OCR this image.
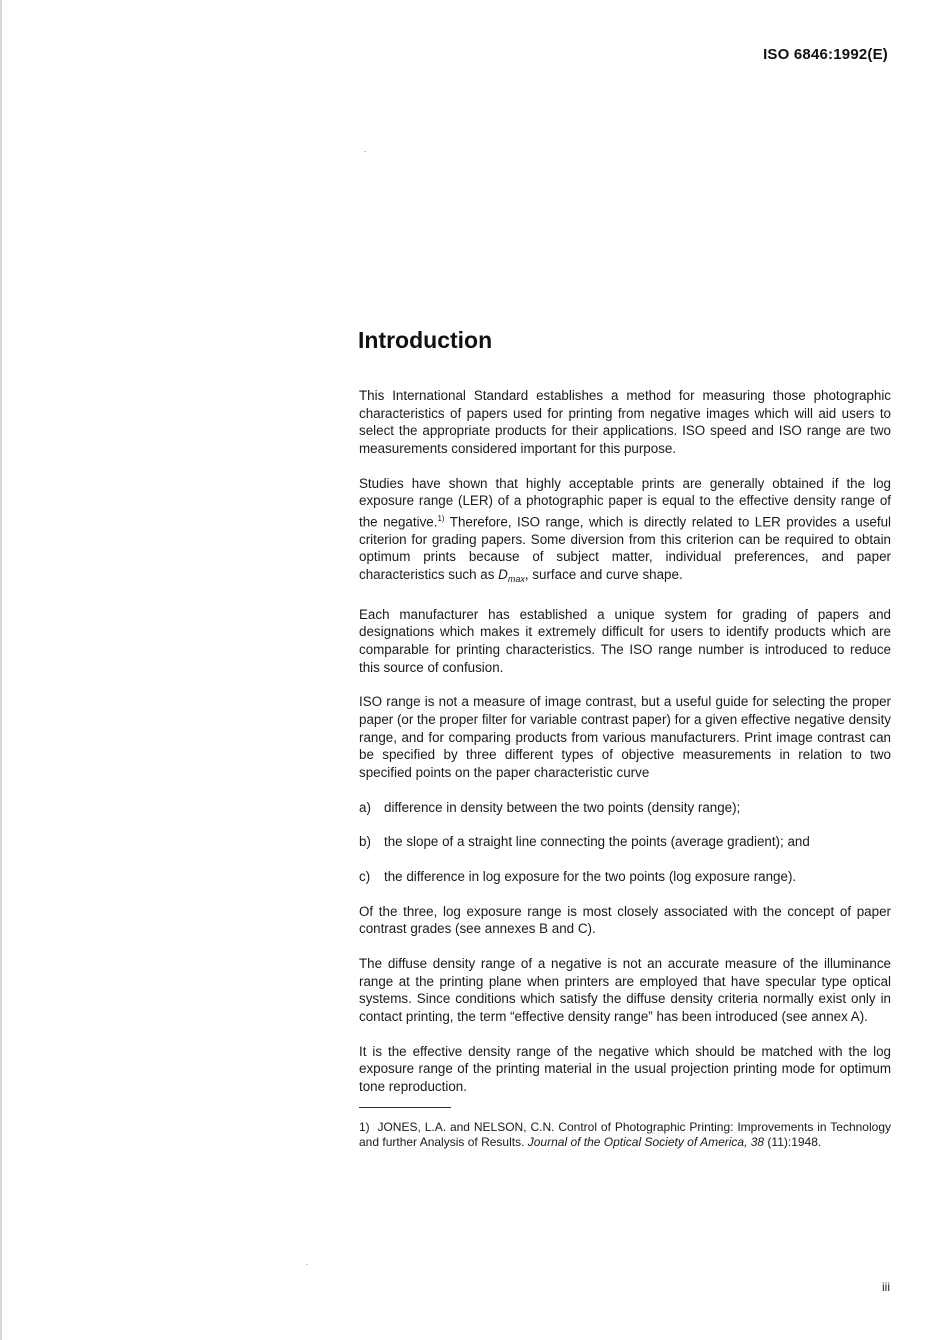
ISO 6846:1992(E)
Introduction

This International Standard establishes a method for measuring those photographic characteristics of papers used for printing from negative images which will aid users to select the appropriate products for their applications. ISO speed and ISO range are two measurements considered important for this purpose.

Studies have shown that highly acceptable prints are generally obtained if the log exposure range (LER) of a photographic paper is equal to the effective density range of the negative.$^{1)}$ Therefore, ISO range, which is directly related to LER provides a useful criterion for grading papers. Some diversion from this criterion can be required to obtain optimum prints because of subject matter, individual preferences, and paper characteristics such as $D_{max}$, surface and curve shape.

Each manufacturer has established a unique system for grading of papers and designations which makes it extremely difficult for users to identify products which are comparable for printing characteristics. The ISO range number is introduced to reduce this source of confusion.

ISO range is not a measure of image contrast, but a useful guide for selecting the proper paper (or the proper filter for variable contrast paper) for a given effective negative density range, and for comparing products from various manufacturers. Print image contrast can be specified by three different types of objective measurements in relation to two specified points on the paper characteristic curve

a) difference in density between the two points (density range);
b) the slope of a straight line connecting the points (average gradient); and
c)	the difference in log exposure for the two points (log exposure range).

Of the three, log exposure range is most closely associated with the concept of paper contrast grades (see annexes B and C).

The diffuse density range of a negative is not an accurate measure of the illuminance range at the printing plane when printers are employed that have specular type optical systems. Since conditions which satisfy the diffuse density criteria normally exist only in contact printing, the term “effective density range” has been introduced (see annex A).

It is the effective density range of the negative which should be matched with the log exposure range of the printing material in the usual projection printing mode for optimum tone reproduction.

1) JONES, L.A. and NELSON, C.N. Control of Photographic Printing: Improvements in Technology and further Analysis of Results. Journal of the Optical Society of America, 38 (11):1948.

iii
